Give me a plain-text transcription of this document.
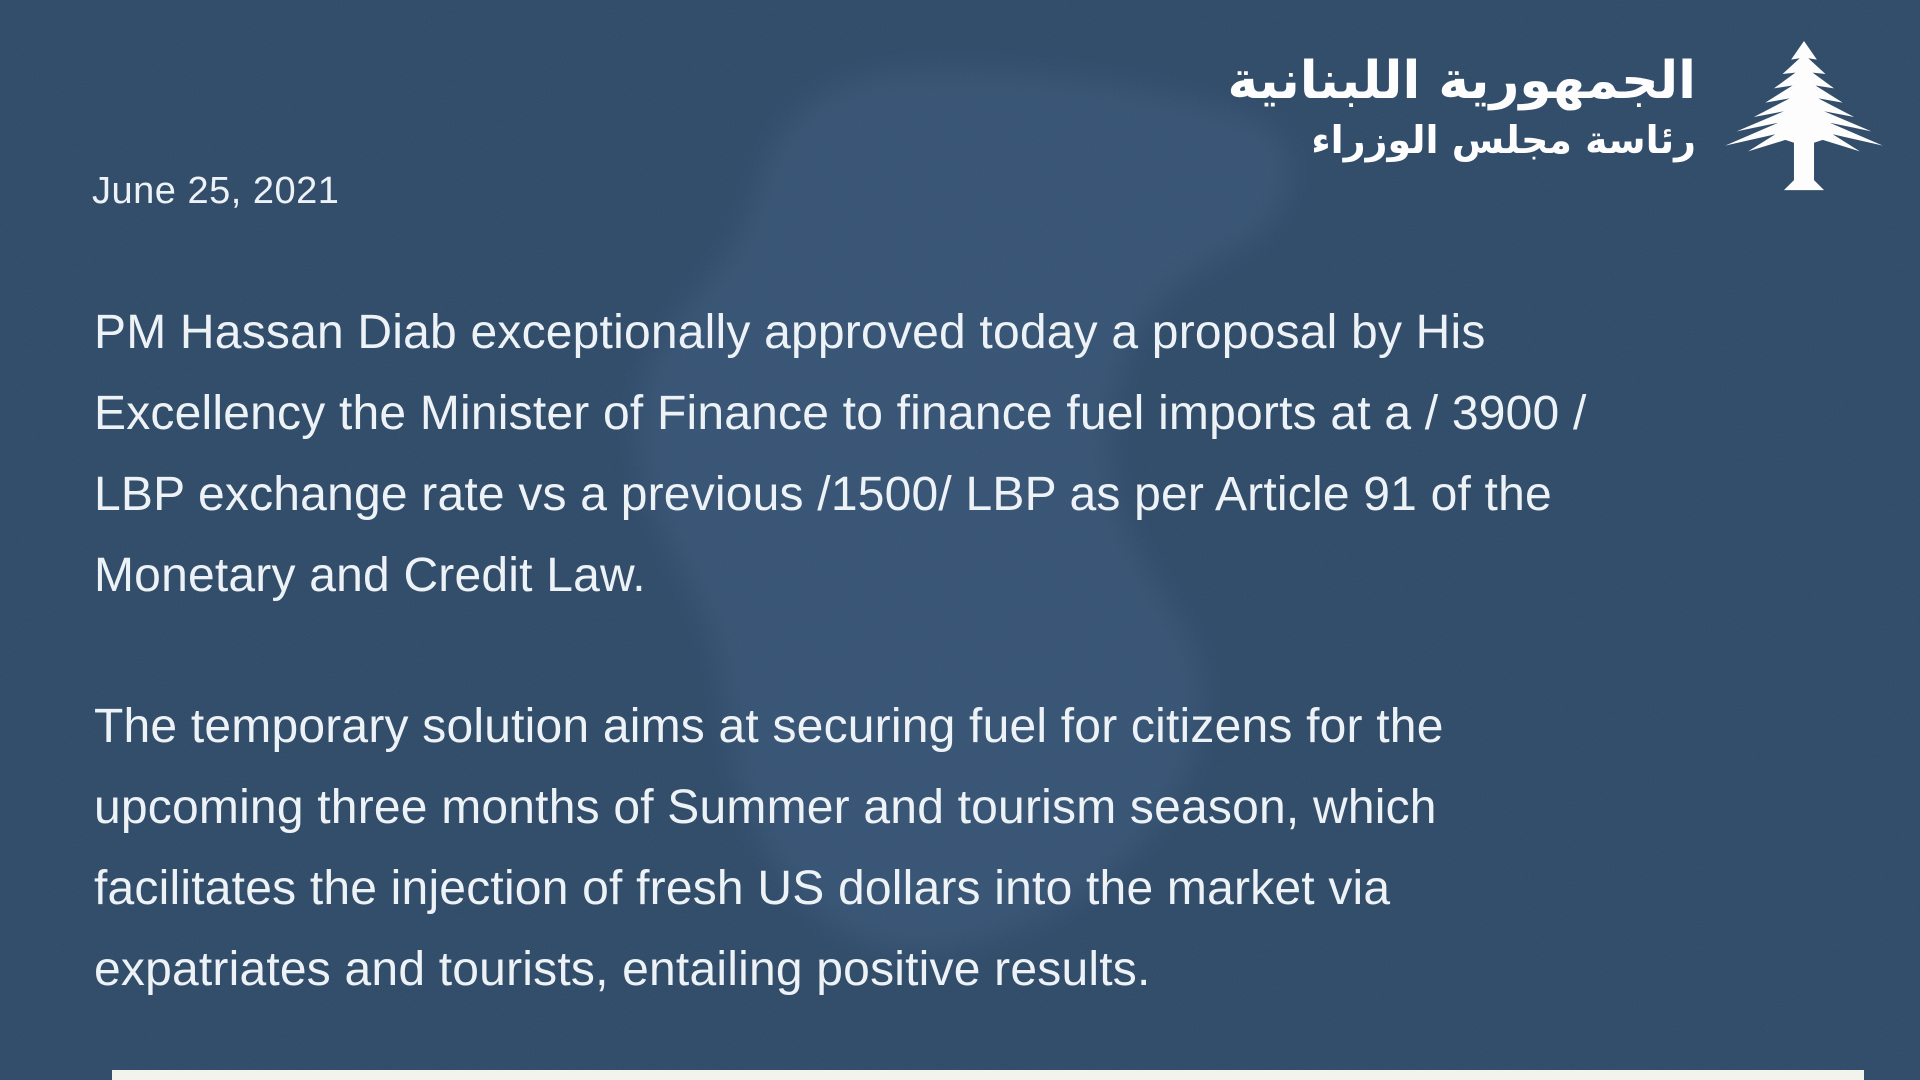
June 25, 2021
الجمهورية اللبنانية
رئاسة مجلس الوزراء
PM Hassan Diab exceptionally approved today a proposal by His
Excellency the Minister of Finance to finance fuel imports at a / 3900 /
LBP exchange rate vs a previous /1500/ LBP as per Article 91 of the
Monetary and Credit Law.
The temporary solution aims at securing fuel for citizens for the
upcoming three months of Summer and tourism season, which
facilitates the injection of fresh US dollars into the market via
expatriates and tourists, entailing positive results.
